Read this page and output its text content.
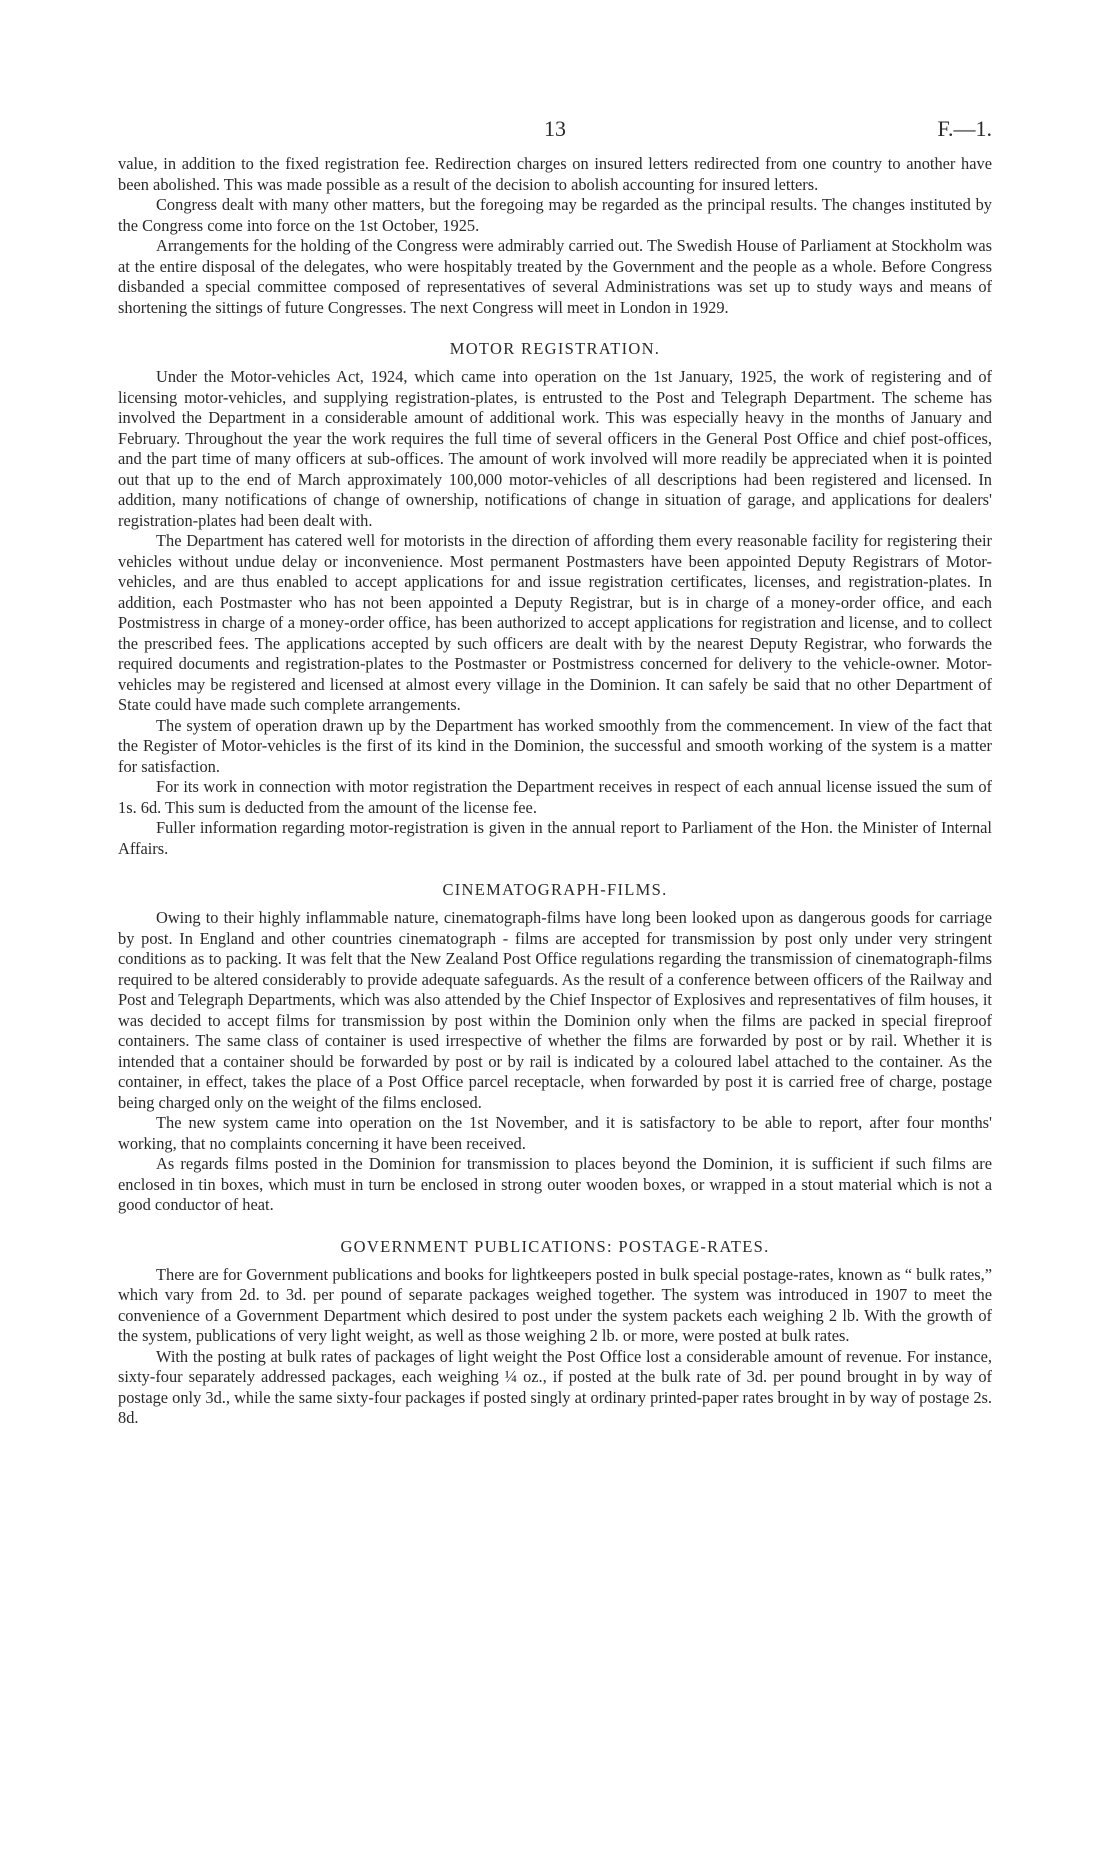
13	F.—1.

value, in addition to the fixed registration fee. Redirection charges on insured letters redirected from one country to another have been abolished. This was made possible as a result of the decision to abolish accounting for insured letters.

Congress dealt with many other matters, but the foregoing may be regarded as the principal results. The changes instituted by the Congress come into force on the 1st October, 1925.

Arrangements for the holding of the Congress were admirably carried out. The Swedish House of Parliament at Stockholm was at the entire disposal of the delegates, who were hospitably treated by the Government and the people as a whole. Before Congress disbanded a special committee composed of representatives of several Administrations was set up to study ways and means of shortening the sittings of future Congresses. The next Congress will meet in London in 1929.

MOTOR REGISTRATION.

Under the Motor-vehicles Act, 1924, which came into operation on the 1st January, 1925, the work of registering and of licensing motor-vehicles, and supplying registration-plates, is entrusted to the Post and Telegraph Department. The scheme has involved the Department in a considerable amount of additional work. This was especially heavy in the months of January and February. Throughout the year the work requires the full time of several officers in the General Post Office and chief post-offices, and the part time of many officers at sub-offices. The amount of work involved will more readily be appreciated when it is pointed out that up to the end of March approximately 100,000 motor-vehicles of all descriptions had been registered and licensed. In addition, many notifications of change of ownership, notifications of change in situation of garage, and applications for dealers' registration-plates had been dealt with.

The Department has catered well for motorists in the direction of affording them every reasonable facility for registering their vehicles without undue delay or inconvenience. Most permanent Postmasters have been appointed Deputy Registrars of Motor-vehicles, and are thus enabled to accept applications for and issue registration certificates, licenses, and registration-plates. In addition, each Postmaster who has not been appointed a Deputy Registrar, but is in charge of a money-order office, and each Postmistress in charge of a money-order office, has been authorized to accept applications for registration and license, and to collect the prescribed fees. The applications accepted by such officers are dealt with by the nearest Deputy Registrar, who forwards the required documents and registration-plates to the Postmaster or Postmistress concerned for delivery to the vehicle-owner. Motor-vehicles may be registered and licensed at almost every village in the Dominion. It can safely be said that no other Department of State could have made such complete arrangements.

The system of operation drawn up by the Department has worked smoothly from the commencement. In view of the fact that the Register of Motor-vehicles is the first of its kind in the Dominion, the successful and smooth working of the system is a matter for satisfaction.

For its work in connection with motor registration the Department receives in respect of each annual license issued the sum of 1s. 6d. This sum is deducted from the amount of the license fee.

Fuller information regarding motor-registration is given in the annual report to Parliament of the Hon. the Minister of Internal Affairs.

CINEMATOGRAPH-FILMS.

Owing to their highly inflammable nature, cinematograph-films have long been looked upon as dangerous goods for carriage by post. In England and other countries cinematograph - films are accepted for transmission by post only under very stringent conditions as to packing. It was felt that the New Zealand Post Office regulations regarding the transmission of cinematograph-films required to be altered considerably to provide adequate safeguards. As the result of a conference between officers of the Railway and Post and Telegraph Departments, which was also attended by the Chief Inspector of Explosives and representatives of film houses, it was decided to accept films for transmission by post within the Dominion only when the films are packed in special fireproof containers. The same class of container is used irrespective of whether the films are forwarded by post or by rail. Whether it is intended that a container should be forwarded by post or by rail is indicated by a coloured label attached to the container. As the container, in effect, takes the place of a Post Office parcel receptacle, when forwarded by post it is carried free of charge, postage being charged only on the weight of the films enclosed.

The new system came into operation on the 1st November, and it is satisfactory to be able to report, after four months' working, that no complaints concerning it have been received.

As regards films posted in the Dominion for transmission to places beyond the Dominion, it is sufficient if such films are enclosed in tin boxes, which must in turn be enclosed in strong outer wooden boxes, or wrapped in a stout material which is not a good conductor of heat.

GOVERNMENT PUBLICATIONS: POSTAGE-RATES.

There are for Government publications and books for lightkeepers posted in bulk special postage-rates, known as “ bulk rates,” which vary from 2d. to 3d. per pound of separate packages weighed together. The system was introduced in 1907 to meet the convenience of a Government Department which desired to post under the system packets each weighing 2 lb. With the growth of the system, publications of very light weight, as well as those weighing 2 lb. or more, were posted at bulk rates.

With the posting at bulk rates of packages of light weight the Post Office lost a considerable amount of revenue. For instance, sixty-four separately addressed packages, each weighing ¼ oz., if posted at the bulk rate of 3d. per pound brought in by way of postage only 3d., while the same sixty-four packages if posted singly at ordinary printed-paper rates brought in by way of postage 2s. 8d.
